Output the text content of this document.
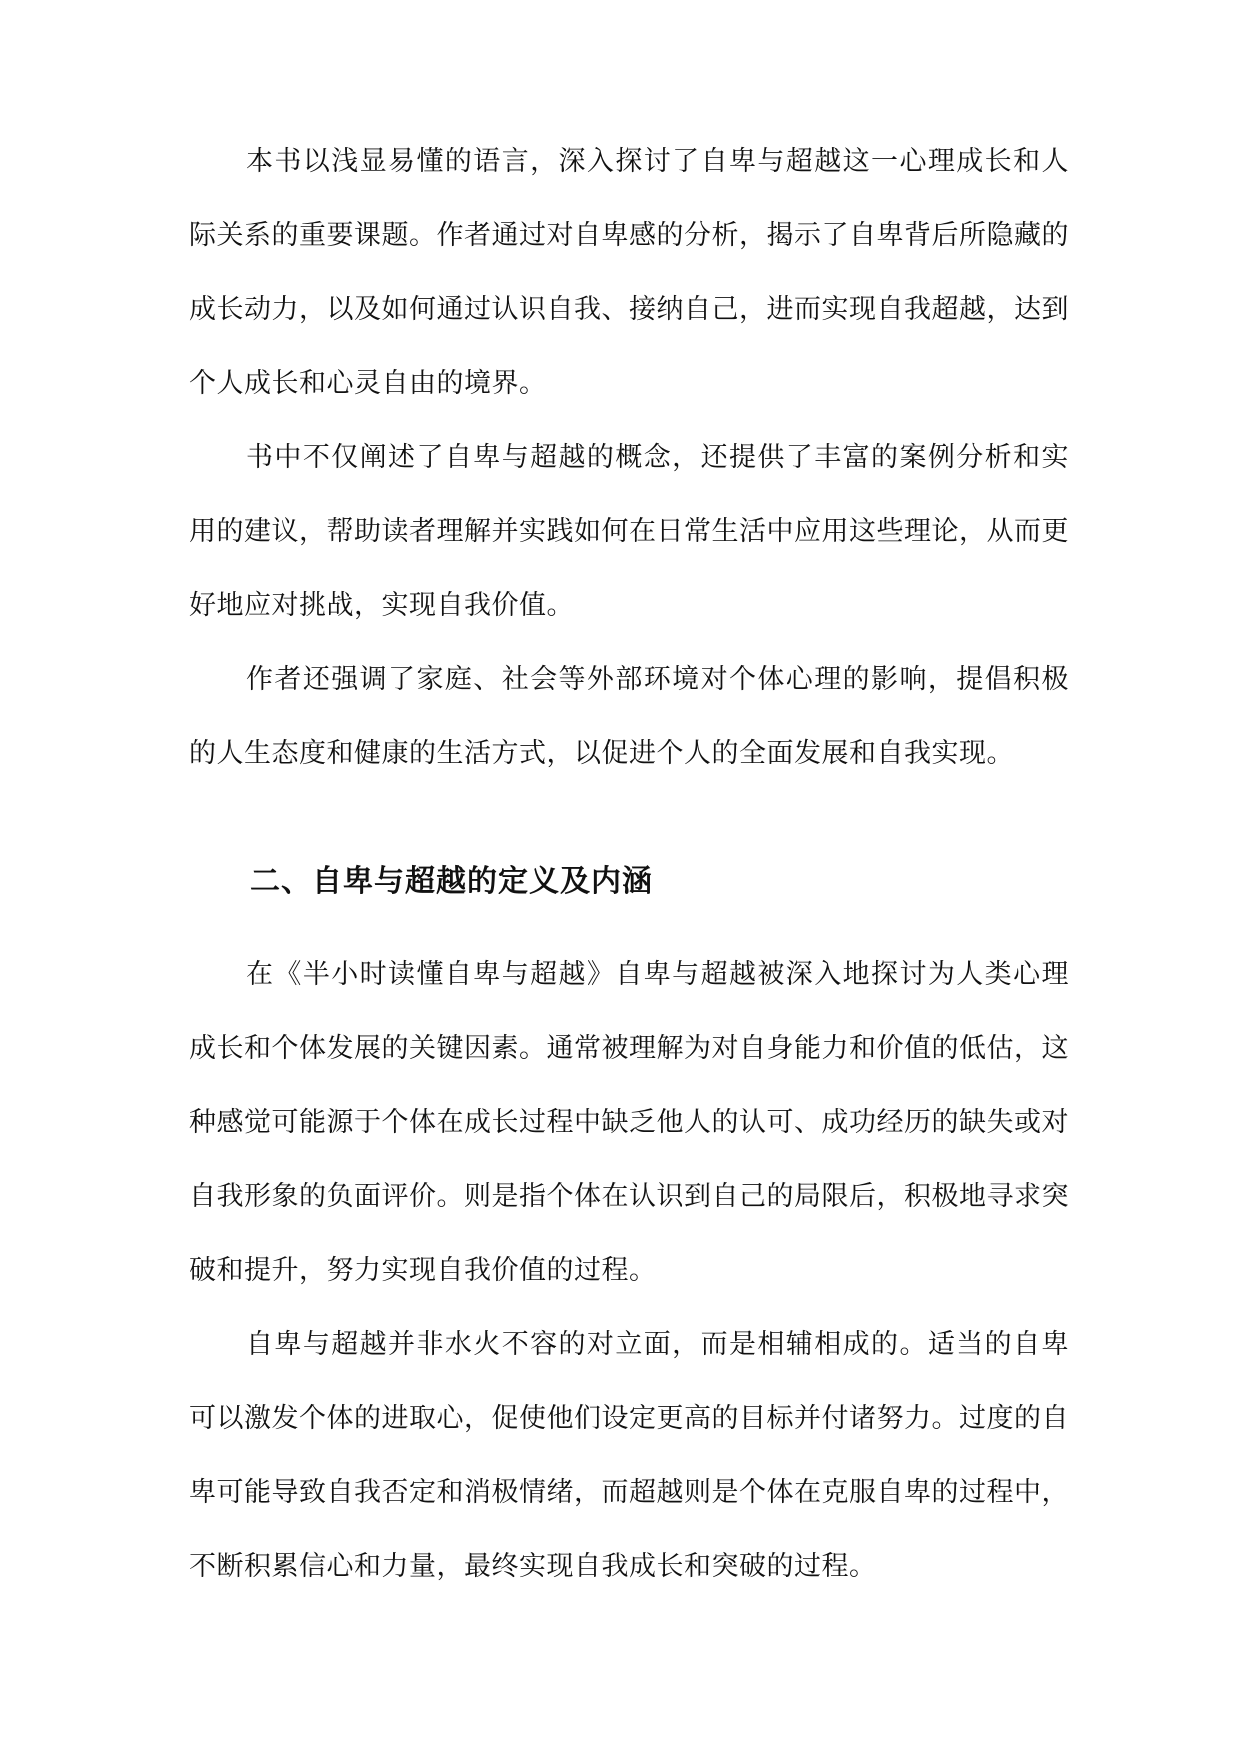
本书以浅显易懂的语言，深入探讨了自卑与超越这一心理成长和人际关系的重要课题。作者通过对自卑感的分析，揭示了自卑背后所隐藏的成长动力，以及如何通过认识自我、接纳自己，进而实现自我超越，达到个人成长和心灵自由的境界。

书中不仅阐述了自卑与超越的概念，还提供了丰富的案例分析和实用的建议，帮助读者理解并实践如何在日常生活中应用这些理论，从而更好地应对挑战，实现自我价值。

作者还强调了家庭、社会等外部环境对个体心理的影响，提倡积极的人生态度和健康的生活方式，以促进个人的全面发展和自我实现。

二、自卑与超越的定义及内涵

在《半小时读懂自卑与超越》自卑与超越被深入地探讨为人类心理成长和个体发展的关键因素。通常被理解为对自身能力和价值的低估，这种感觉可能源于个体在成长过程中缺乏他人的认可、成功经历的缺失或对自我形象的负面评价。则是指个体在认识到自己的局限后，积极地寻求突破和提升，努力实现自我价值的过程。

自卑与超越并非水火不容的对立面，而是相辅相成的。适当的自卑可以激发个体的进取心，促使他们设定更高的目标并付诸努力。过度的自卑可能导致自我否定和消极情绪，而超越则是个体在克服自卑的过程中，不断积累信心和力量，最终实现自我成长和突破的过程。
